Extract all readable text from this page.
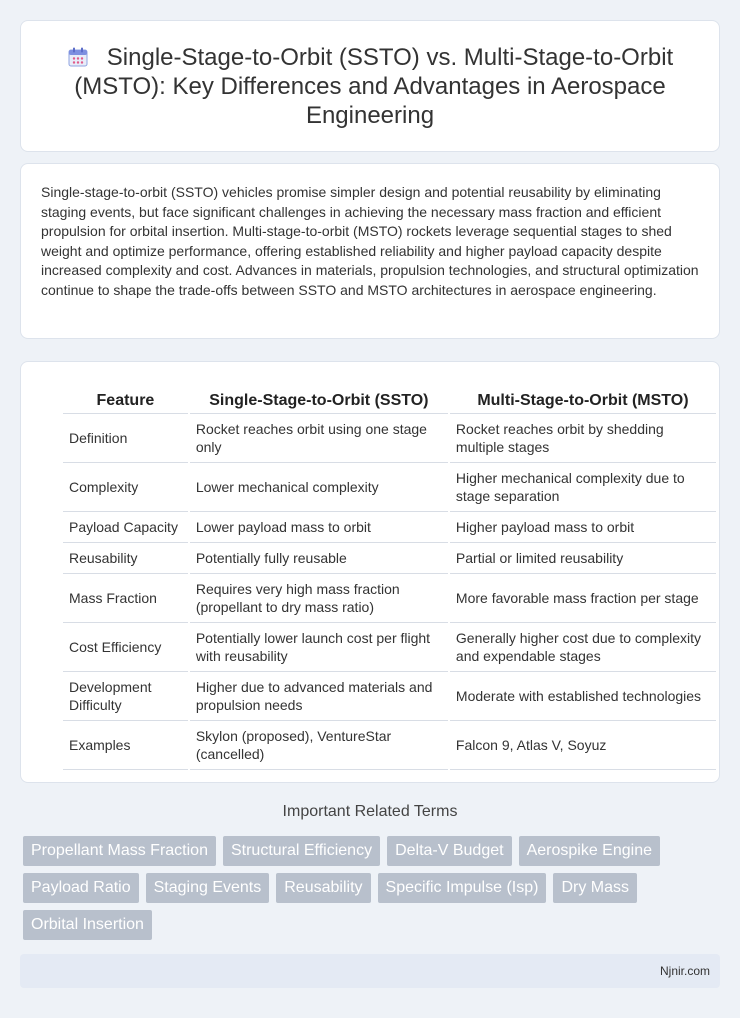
Single-Stage-to-Orbit (SSTO) vs. Multi-Stage-to-Orbit (MSTO): Key Differences and Advantages in Aerospace Engineering

Single-stage-to-orbit (SSTO) vehicles promise simpler design and potential reusability by eliminating staging events, but face significant challenges in achieving the necessary mass fraction and efficient propulsion for orbital insertion. Multi-stage-to-orbit (MSTO) rockets leverage sequential stages to shed weight and optimize performance, offering established reliability and higher payload capacity despite increased complexity and cost. Advances in materials, propulsion technologies, and structural optimization continue to shape the trade-offs between SSTO and MSTO architectures in aerospace engineering.

Feature	Single-Stage-to-Orbit (SSTO)	Multi-Stage-to-Orbit (MSTO)
Definition	Rocket reaches orbit using one stage only	Rocket reaches orbit by shedding multiple stages
Complexity	Lower mechanical complexity	Higher mechanical complexity due to stage separation
Payload Capacity	Lower payload mass to orbit	Higher payload mass to orbit
Reusability	Potentially fully reusable	Partial or limited reusability
Mass Fraction	Requires very high mass fraction (propellant to dry mass ratio)	More favorable mass fraction per stage
Cost Efficiency	Potentially lower launch cost per flight with reusability	Generally higher cost due to complexity and expendable stages
Development Difficulty	Higher due to advanced materials and propulsion needs	Moderate with established technologies
Examples	Skylon (proposed), VentureStar (cancelled)	Falcon 9, Atlas V, Soyuz
Important Related Terms
Propellant Mass Fraction	Structural Efficiency	Delta-V Budget	Aerospike Engine
Payload Ratio	Staging Events	Reusability	Specific Impulse (Isp)	Dry Mass
Orbital Insertion
Njnir.com
